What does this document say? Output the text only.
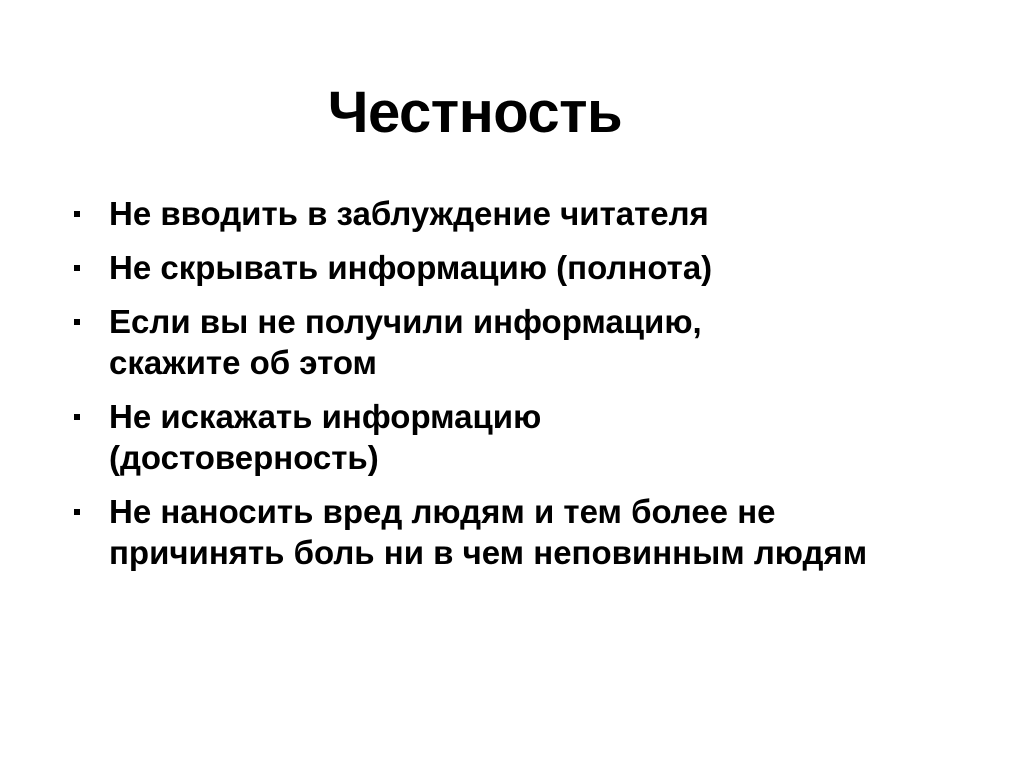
Честность
Не вводить в заблуждение читателя
Не скрывать информацию (полнота)
Если вы не получили информацию, скажите об этом
Не искажать информацию (достоверность)
Не наносить вред людям и тем более не причинять боль ни в чем неповинным людям
